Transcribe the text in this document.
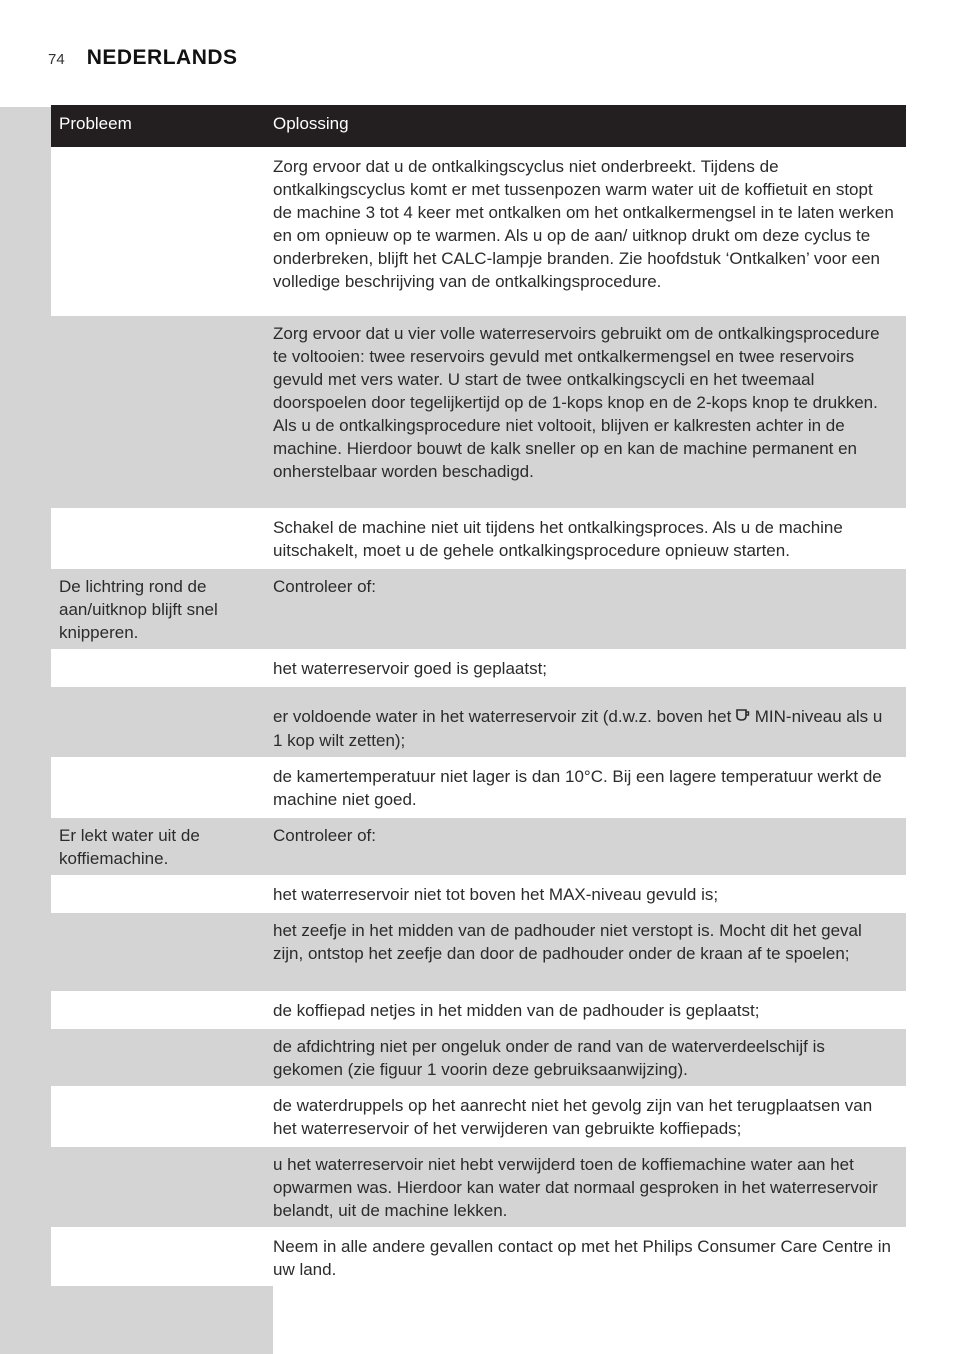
74 NEDERLANDS
Probleem	Oplossing
	Zorg ervoor dat u de ontkalkingscyclus niet onderbreekt. Tijdens de ontkalkingscyclus komt er met tussenpozen warm water uit de koffietuit en stopt de machine 3 tot 4 keer met ontkalken om het ontkalkermengsel in te laten werken en om opnieuw op te warmen. Als u op de aan/ uitknop drukt om deze cyclus te onderbreken, blijft het CALC-lampje branden. Zie hoofdstuk ‘Ontkalken’ voor een volledige beschrijving van de ontkalkingsprocedure.
	Zorg ervoor dat u vier volle waterreservoirs gebruikt om de ontkalkingsprocedure te voltooien: twee reservoirs gevuld met ontkalkermengsel en twee reservoirs gevuld met vers water. U start de twee ontkalkingscycli en het tweemaal doorspoelen door tegelijkertijd op de 1-kops knop en de 2-kops knop te drukken. Als u de ontkalkingsprocedure niet voltooit, blijven er kalkresten achter in de machine. Hierdoor bouwt de kalk sneller op en kan de machine permanent en onherstelbaar worden beschadigd.
	Schakel de machine niet uit tijdens het ontkalkingsproces. Als u de machine uitschakelt, moet u de gehele ontkalkingsprocedure opnieuw starten.
De lichtring rond de aan/uitknop blijft snel knipperen.	Controleer of:
	het waterreservoir goed is geplaatst;
	er voldoende water in het waterreservoir zit (d.w.z. boven het MIN-niveau als u 1 kop wilt zetten);
	de kamertemperatuur niet lager is dan 10°C. Bij een lagere temperatuur werkt de machine niet goed.
Er lekt water uit de koffiemachine.	Controleer of:
	het waterreservoir niet tot boven het MAX-niveau gevuld is;
	het zeefje in het midden van de padhouder niet verstopt is. Mocht dit het geval zijn, ontstop het zeefje dan door de padhouder onder de kraan af te spoelen;
	de koffiepad netjes in het midden van de padhouder is geplaatst;
	de afdichtring niet per ongeluk onder de rand van de waterverdeelschijf is gekomen (zie figuur 1 voorin deze gebruiksaanwijzing).
	de waterdruppels op het aanrecht niet het gevolg zijn van het terugplaatsen van het waterreservoir of het verwijderen van gebruikte koffiepads;
	u het waterreservoir niet hebt verwijderd toen de koffiemachine water aan het opwarmen was. Hierdoor kan water dat normaal gesproken in het waterreservoir belandt, uit de machine lekken.
	Neem in alle andere gevallen contact op met het Philips Consumer Care Centre in uw land.
